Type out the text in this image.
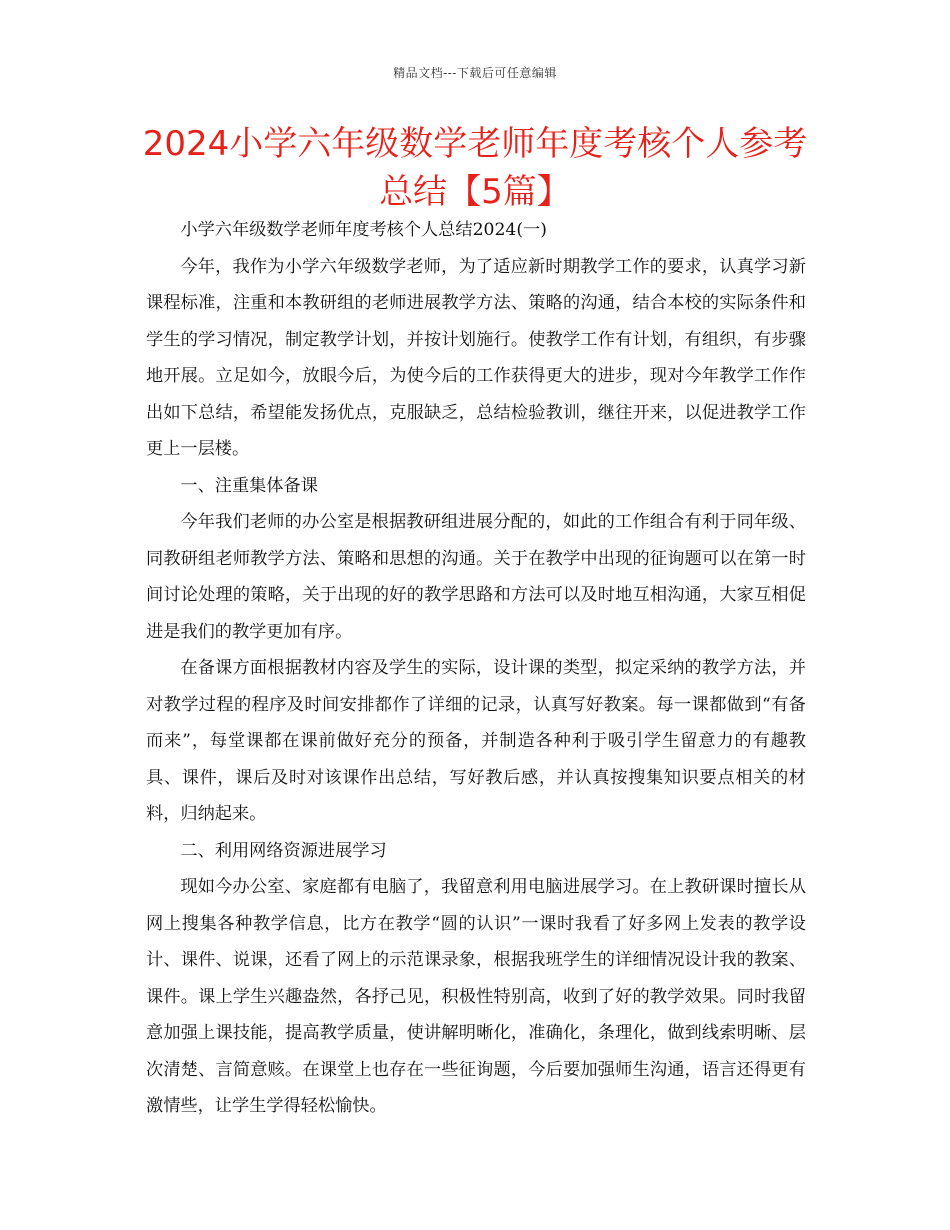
精品文档---下载后可任意编辑
2024小学六年级数学老师年度考核个人参考总结【5篇】

小学六年级数学老师年度考核个人总结2024(一)

今年，我作为小学六年级数学老师，为了适应新时期教学工作的要求，认真学习新课程标准，注重和本教研组的老师进展教学方法、策略的沟通，结合本校的实际条件和学生的学习情况，制定教学计划，并按计划施行。使教学工作有计划，有组织，有步骤地开展。立足如今，放眼今后，为使今后的工作获得更大的进步，现对今年教学工作作出如下总结，希望能发扬优点，克服缺乏，总结检验教训，继往开来，以促进教学工作更上一层楼。

一、注重集体备课

今年我们老师的办公室是根据教研组进展分配的，如此的工作组合有利于同年级、同教研组老师教学方法、策略和思想的沟通。关于在教学中出现的征询题可以在第一时间讨论处理的策略，关于出现的好的教学思路和方法可以及时地互相沟通，大家互相促进是我们的教学更加有序。

在备课方面根据教材内容及学生的实际，设计课的类型，拟定采纳的教学方法，并对教学过程的程序及时间安排都作了详细的记录，认真写好教案。每一课都做到“有备而来”，每堂课都在课前做好充分的预备，并制造各种利于吸引学生留意力的有趣教具、课件，课后及时对该课作出总结，写好教后感，并认真按搜集知识要点相关的材料，归纳起来。

二、利用网络资源进展学习

现如今办公室、家庭都有电脑了，我留意利用电脑进展学习。在上教研课时擅长从网上搜集各种教学信息，比方在教学“圆的认识”一课时我看了好多网上发表的教学设计、课件、说课，还看了网上的示范课录象，根据我班学生的详细情况设计我的教案、课件。课上学生兴趣盎然，各抒己见，积极性特别高，收到了好的教学效果。同时我留意加强上课技能，提高教学质量，使讲解明晰化，准确化，条理化，做到线索明晰、层次清楚、言简意赅。在课堂上也存在一些征询题，今后要加强师生沟通，语言还得更有激情些，让学生学得轻松愉快。
